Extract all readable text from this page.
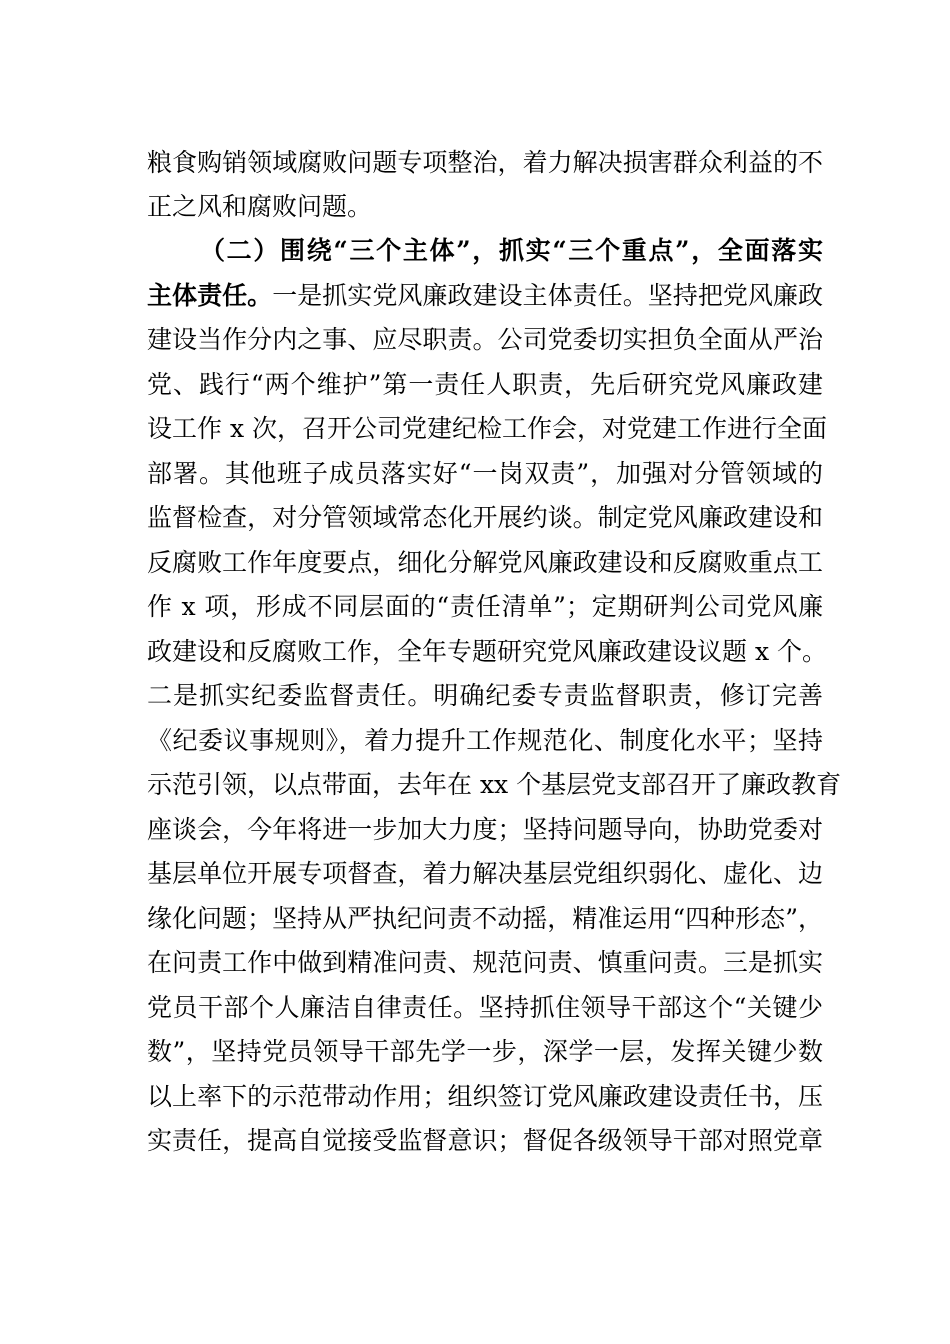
粮食购销领域腐败问题专项整治，着力解决损害群众利益的不
正之风和腐败问题。
（二）围绕“三个主体”，抓实“三个重点”，全面落实
主体责任。一是抓实党风廉政建设主体责任。坚持把党风廉政
建设当作分内之事、应尽职责。公司党委切实担负全面从严治
党、践行“两个维护”第一责任人职责，先后研究党风廉政建
设工作 x 次，召开公司党建纪检工作会，对党建工作进行全面
部署。其他班子成员落实好“一岗双责”，加强对分管领域的
监督检查，对分管领域常态化开展约谈。制定党风廉政建设和
反腐败工作年度要点，细化分解党风廉政建设和反腐败重点工
作 x 项，形成不同层面的“责任清单”；定期研判公司党风廉
政建设和反腐败工作，全年专题研究党风廉政建设议题 x 个。
二是抓实纪委监督责任。明确纪委专责监督职责，修订完善
《纪委议事规则》，着力提升工作规范化、制度化水平；坚持
示范引领，以点带面，去年在 xx 个基层党支部召开了廉政教育
座谈会，今年将进一步加大力度；坚持问题导向，协助党委对
基层单位开展专项督查，着力解决基层党组织弱化、虚化、边
缘化问题；坚持从严执纪问责不动摇，精准运用“四种形态”，
在问责工作中做到精准问责、规范问责、慎重问责。三是抓实
党员干部个人廉洁自律责任。坚持抓住领导干部这个“关键少
数”，坚持党员领导干部先学一步，深学一层，发挥关键少数
以上率下的示范带动作用；组织签订党风廉政建设责任书，压
实责任，提高自觉接受监督意识；督促各级领导干部对照党章
